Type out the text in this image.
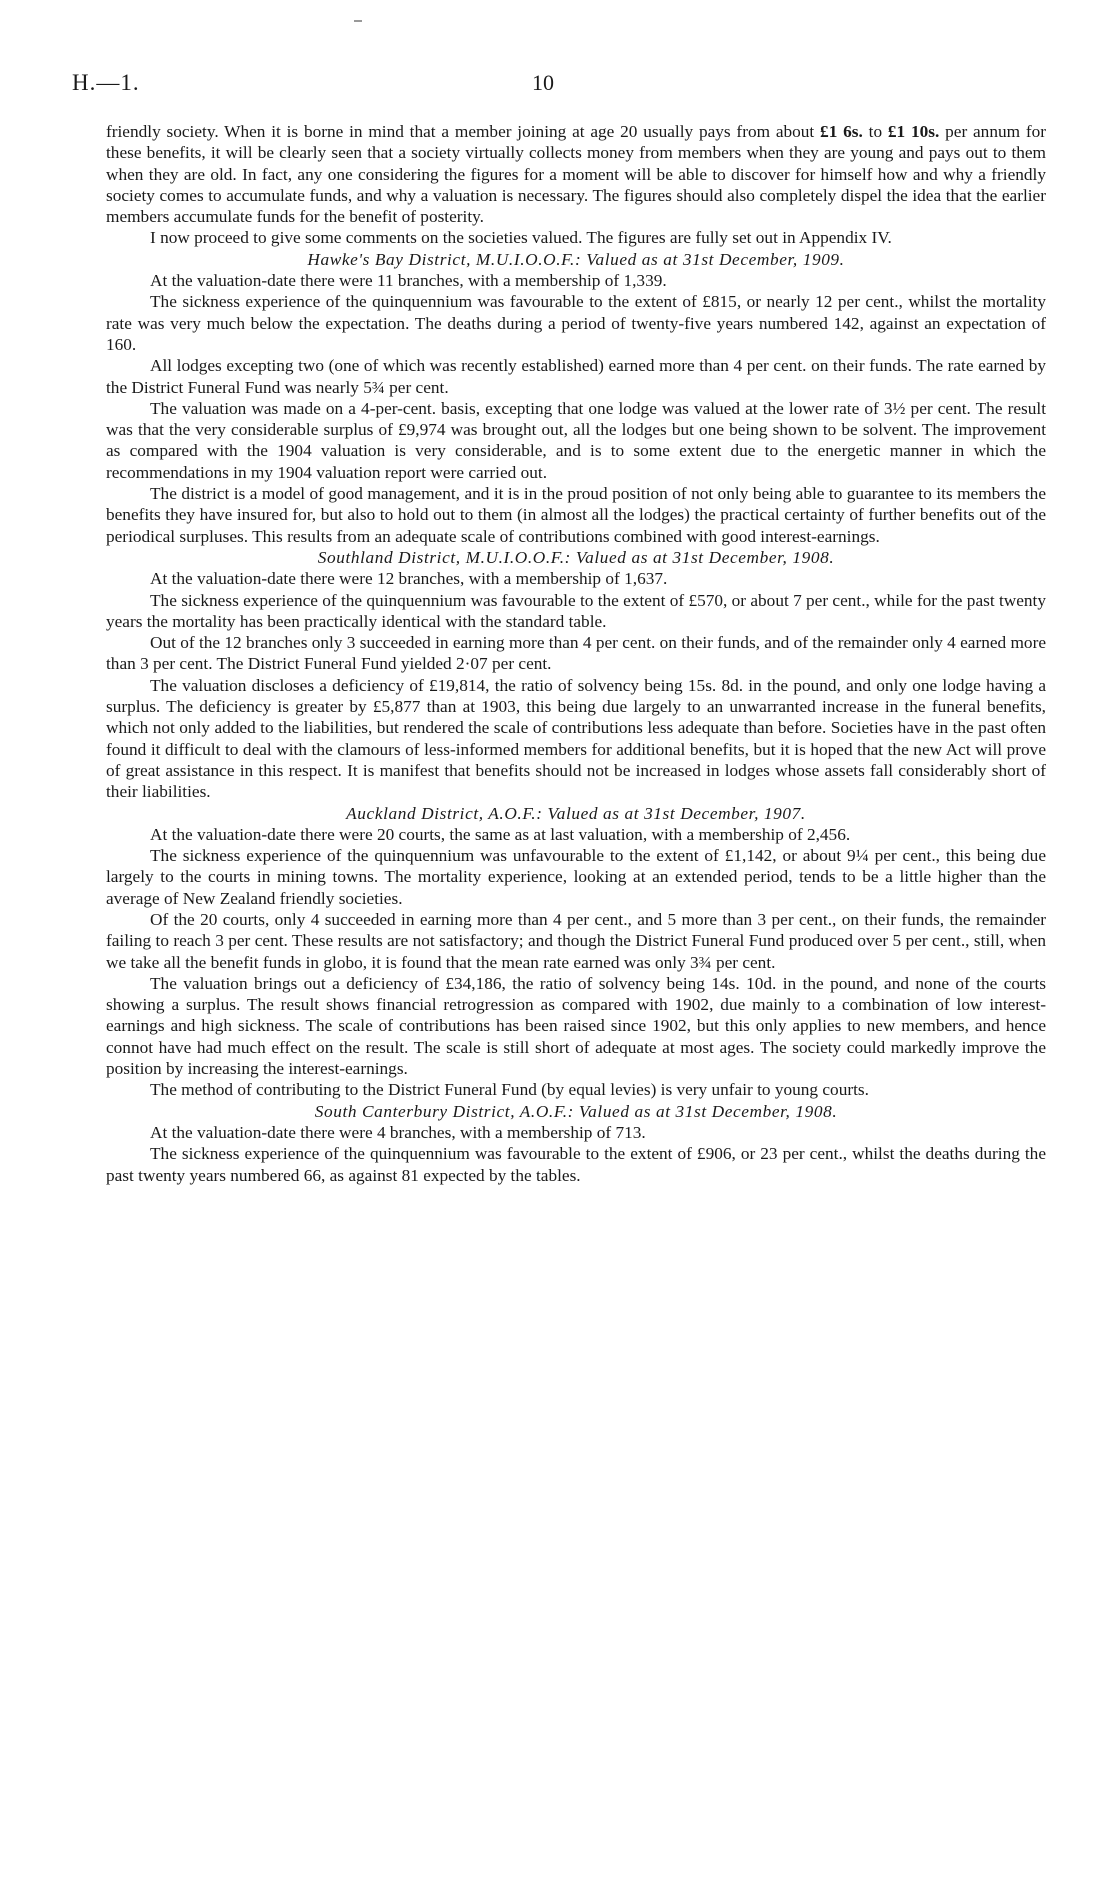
H.—1.	10

friendly society. When it is borne in mind that a member joining at age 20 usually pays from about £1 6s. to £1 10s. per annum for these benefits, it will be clearly seen that a society virtually collects money from members when they are young and pays out to them when they are old. In fact, any one considering the figures for a moment will be able to discover for himself how and why a friendly society comes to accumulate funds, and why a valuation is necessary. The figures should also completely dispel the idea that the earlier members accumulate funds for the benefit of posterity.

I now proceed to give some comments on the societies valued. The figures are fully set out in Appendix IV.

Hawke's Bay District, M.U.I.O.O.F.: Valued as at 31st December, 1909.

At the valuation-date there were 11 branches, with a membership of 1,339.

The sickness experience of the quinquennium was favourable to the extent of £815, or nearly 12 per cent., whilst the mortality rate was very much below the expectation. The deaths during a period of twenty-five years numbered 142, against an expectation of 160.

All lodges excepting two (one of which was recently established) earned more than 4 per cent. on their funds. The rate earned by the District Funeral Fund was nearly 5¾ per cent.

The valuation was made on a 4-per-cent. basis, excepting that one lodge was valued at the lower rate of 3½ per cent. The result was that the very considerable surplus of £9,974 was brought out, all the lodges but one being shown to be solvent. The improvement as compared with the 1904 valuation is very considerable, and is to some extent due to the energetic manner in which the recommendations in my 1904 valuation report were carried out.

The district is a model of good management, and it is in the proud position of not only being able to guarantee to its members the benefits they have insured for, but also to hold out to them (in almost all the lodges) the practical certainty of further benefits out of the periodical surpluses. This results from an adequate scale of contributions combined with good interest-earnings.

Southland District, M.U.I.O.O.F.: Valued as at 31st December, 1908.

At the valuation-date there were 12 branches, with a membership of 1,637.

The sickness experience of the quinquennium was favourable to the extent of £570, or about 7 per cent., while for the past twenty years the mortality has been practically identical with the standard table.

Out of the 12 branches only 3 succeeded in earning more than 4 per cent. on their funds, and of the remainder only 4 earned more than 3 per cent. The District Funeral Fund yielded 2·07 per cent.

The valuation discloses a deficiency of £19,814, the ratio of solvency being 15s. 8d. in the pound, and only one lodge having a surplus. The deficiency is greater by £5,877 than at 1903, this being due largely to an unwarranted increase in the funeral benefits, which not only added to the liabilities, but rendered the scale of contributions less adequate than before. Societies have in the past often found it difficult to deal with the clamours of less-informed members for additional benefits, but it is hoped that the new Act will prove of great assistance in this respect. It is manifest that benefits should not be increased in lodges whose assets fall considerably short of their liabilities.

Auckland District, A.O.F.: Valued as at 31st December, 1907.

At the valuation-date there were 20 courts, the same as at last valuation, with a membership of 2,456.

The sickness experience of the quinquennium was unfavourable to the extent of £1,142, or about 9¼ per cent., this being due largely to the courts in mining towns. The mortality experience, looking at an extended period, tends to be a little higher than the average of New Zealand friendly societies.

Of the 20 courts, only 4 succeeded in earning more than 4 per cent., and 5 more than 3 per cent., on their funds, the remainder failing to reach 3 per cent. These results are not satisfactory; and though the District Funeral Fund produced over 5 per cent., still, when we take all the benefit funds in globo, it is found that the mean rate earned was only 3¾ per cent.

The valuation brings out a deficiency of £34,186, the ratio of solvency being 14s. 10d. in the pound, and none of the courts showing a surplus. The result shows financial retrogression as compared with 1902, due mainly to a combination of low interest-earnings and high sickness. The scale of contributions has been raised since 1902, but this only applies to new members, and hence connot have had much effect on the result. The scale is still short of adequate at most ages. The society could markedly improve the position by increasing the interest-earnings.

The method of contributing to the District Funeral Fund (by equal levies) is very unfair to young courts.

South Canterbury District, A.O.F.: Valued as at 31st December, 1908.

At the valuation-date there were 4 branches, with a membership of 713.

The sickness experience of the quinquennium was favourable to the extent of £906, or 23 per cent., whilst the deaths during the past twenty years numbered 66, as against 81 expected by the tables.
